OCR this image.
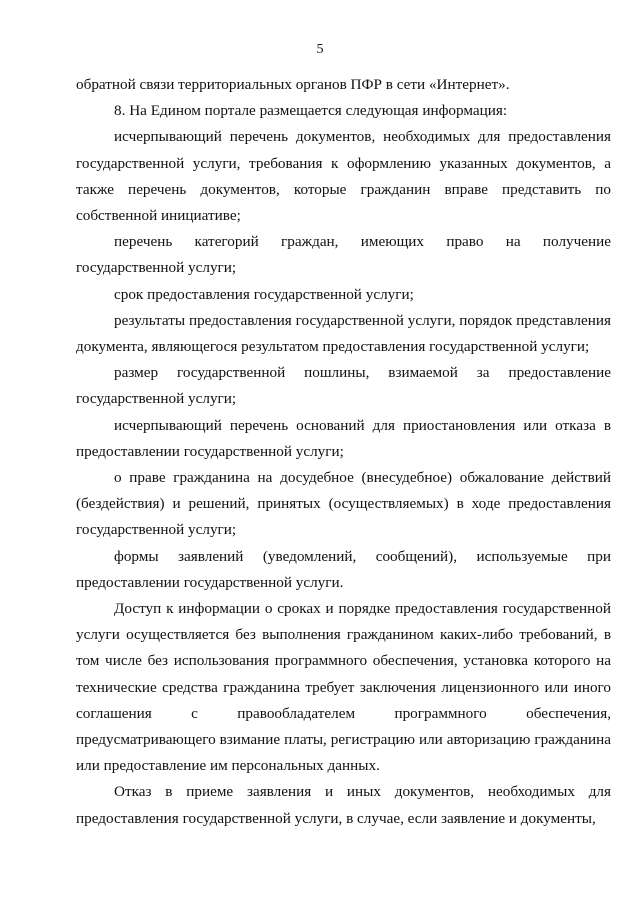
5

обратной связи территориальных органов ПФР в сети «Интернет».

8. На Едином портале размещается следующая информация:

исчерпывающий перечень документов, необходимых для предоставления государственной услуги, требования к оформлению указанных документов, а также перечень документов, которые гражданин вправе представить по собственной инициативе;

перечень категорий граждан, имеющих право на получение государственной услуги;

срок предоставления государственной услуги;

результаты предоставления государственной услуги, порядок представления документа, являющегося результатом предоставления государственной услуги;

размер государственной пошлины, взимаемой за предоставление государственной услуги;

исчерпывающий перечень оснований для приостановления или отказа в предоставлении государственной услуги;

о праве гражданина на досудебное (внесудебное) обжалование действий (бездействия) и решений, принятых (осуществляемых) в ходе предоставления государственной услуги;

формы заявлений (уведомлений, сообщений), используемые при предоставлении государственной услуги.

Доступ к информации о сроках и порядке предоставления государственной услуги осуществляется без выполнения гражданином каких-либо требований, в том числе без использования программного обеспечения, установка которого на технические средства гражданина требует заключения лицензионного или иного соглашения с правообладателем программного обеспечения, предусматривающего взимание платы, регистрацию или авторизацию гражданина или предоставление им персональных данных.

Отказ в приеме заявления и иных документов, необходимых для предоставления государственной услуги, в случае, если заявление и документы,
